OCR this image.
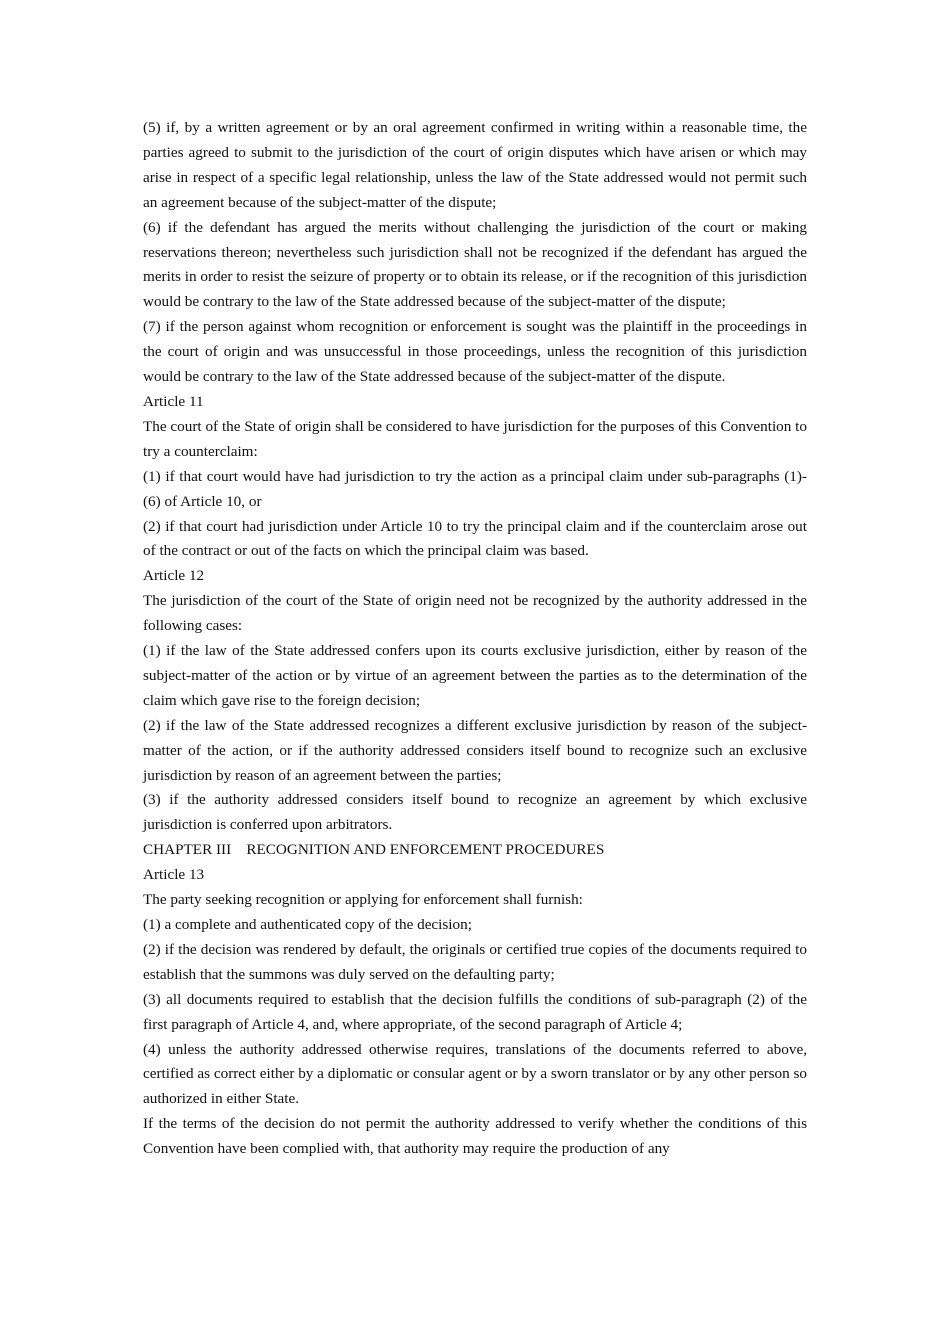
(5) if, by a written agreement or by an oral agreement confirmed in writing within a reasonable time, the parties agreed to submit to the jurisdiction of the court of origin disputes which have arisen or which may arise in respect of a specific legal relationship, unless the law of the State addressed would not permit such an agreement because of the subject-matter of the dispute;

(6) if the defendant has argued the merits without challenging the jurisdiction of the court or making reservations thereon; nevertheless such jurisdiction shall not be recognized if the defendant has argued the merits in order to resist the seizure of property or to obtain its release, or if the recognition of this jurisdiction would be contrary to the law of the State addressed because of the subject-matter of the dispute;

(7) if the person against whom recognition or enforcement is sought was the plaintiff in the proceedings in the court of origin and was unsuccessful in those proceedings, unless the recognition of this jurisdiction would be contrary to the law of the State addressed because of the subject-matter of the dispute.

Article 11

The court of the State of origin shall be considered to have jurisdiction for the purposes of this Convention to try a counterclaim:

(1) if that court would have had jurisdiction to try the action as a principal claim under sub-paragraphs (1)-(6) of Article 10, or

(2) if that court had jurisdiction under Article 10 to try the principal claim and if the counterclaim arose out of the contract or out of the facts on which the principal claim was based.

Article 12

The jurisdiction of the court of the State of origin need not be recognized by the authority addressed in the following cases:

(1) if the law of the State addressed confers upon its courts exclusive jurisdiction, either by reason of the subject-matter of the action or by virtue of an agreement between the parties as to the determination of the claim which gave rise to the foreign decision;

(2) if the law of the State addressed recognizes a different exclusive jurisdiction by reason of the subject-matter of the action, or if the authority addressed considers itself bound to recognize such an exclusive jurisdiction by reason of an agreement between the parties;

(3) if the authority addressed considers itself bound to recognize an agreement by which exclusive jurisdiction is conferred upon arbitrators.

CHAPTER III    RECOGNITION AND ENFORCEMENT PROCEDURES

Article 13

The party seeking recognition or applying for enforcement shall furnish:

(1) a complete and authenticated copy of the decision;

(2) if the decision was rendered by default, the originals or certified true copies of the documents required to establish that the summons was duly served on the defaulting party;

(3) all documents required to establish that the decision fulfills the conditions of sub-paragraph (2) of the first paragraph of Article 4, and, where appropriate, of the second paragraph of Article 4;

(4) unless the authority addressed otherwise requires, translations of the documents referred to above, certified as correct either by a diplomatic or consular agent or by a sworn translator or by any other person so authorized in either State.

If the terms of the decision do not permit the authority addressed to verify whether the conditions of this Convention have been complied with, that authority may require the production of any
